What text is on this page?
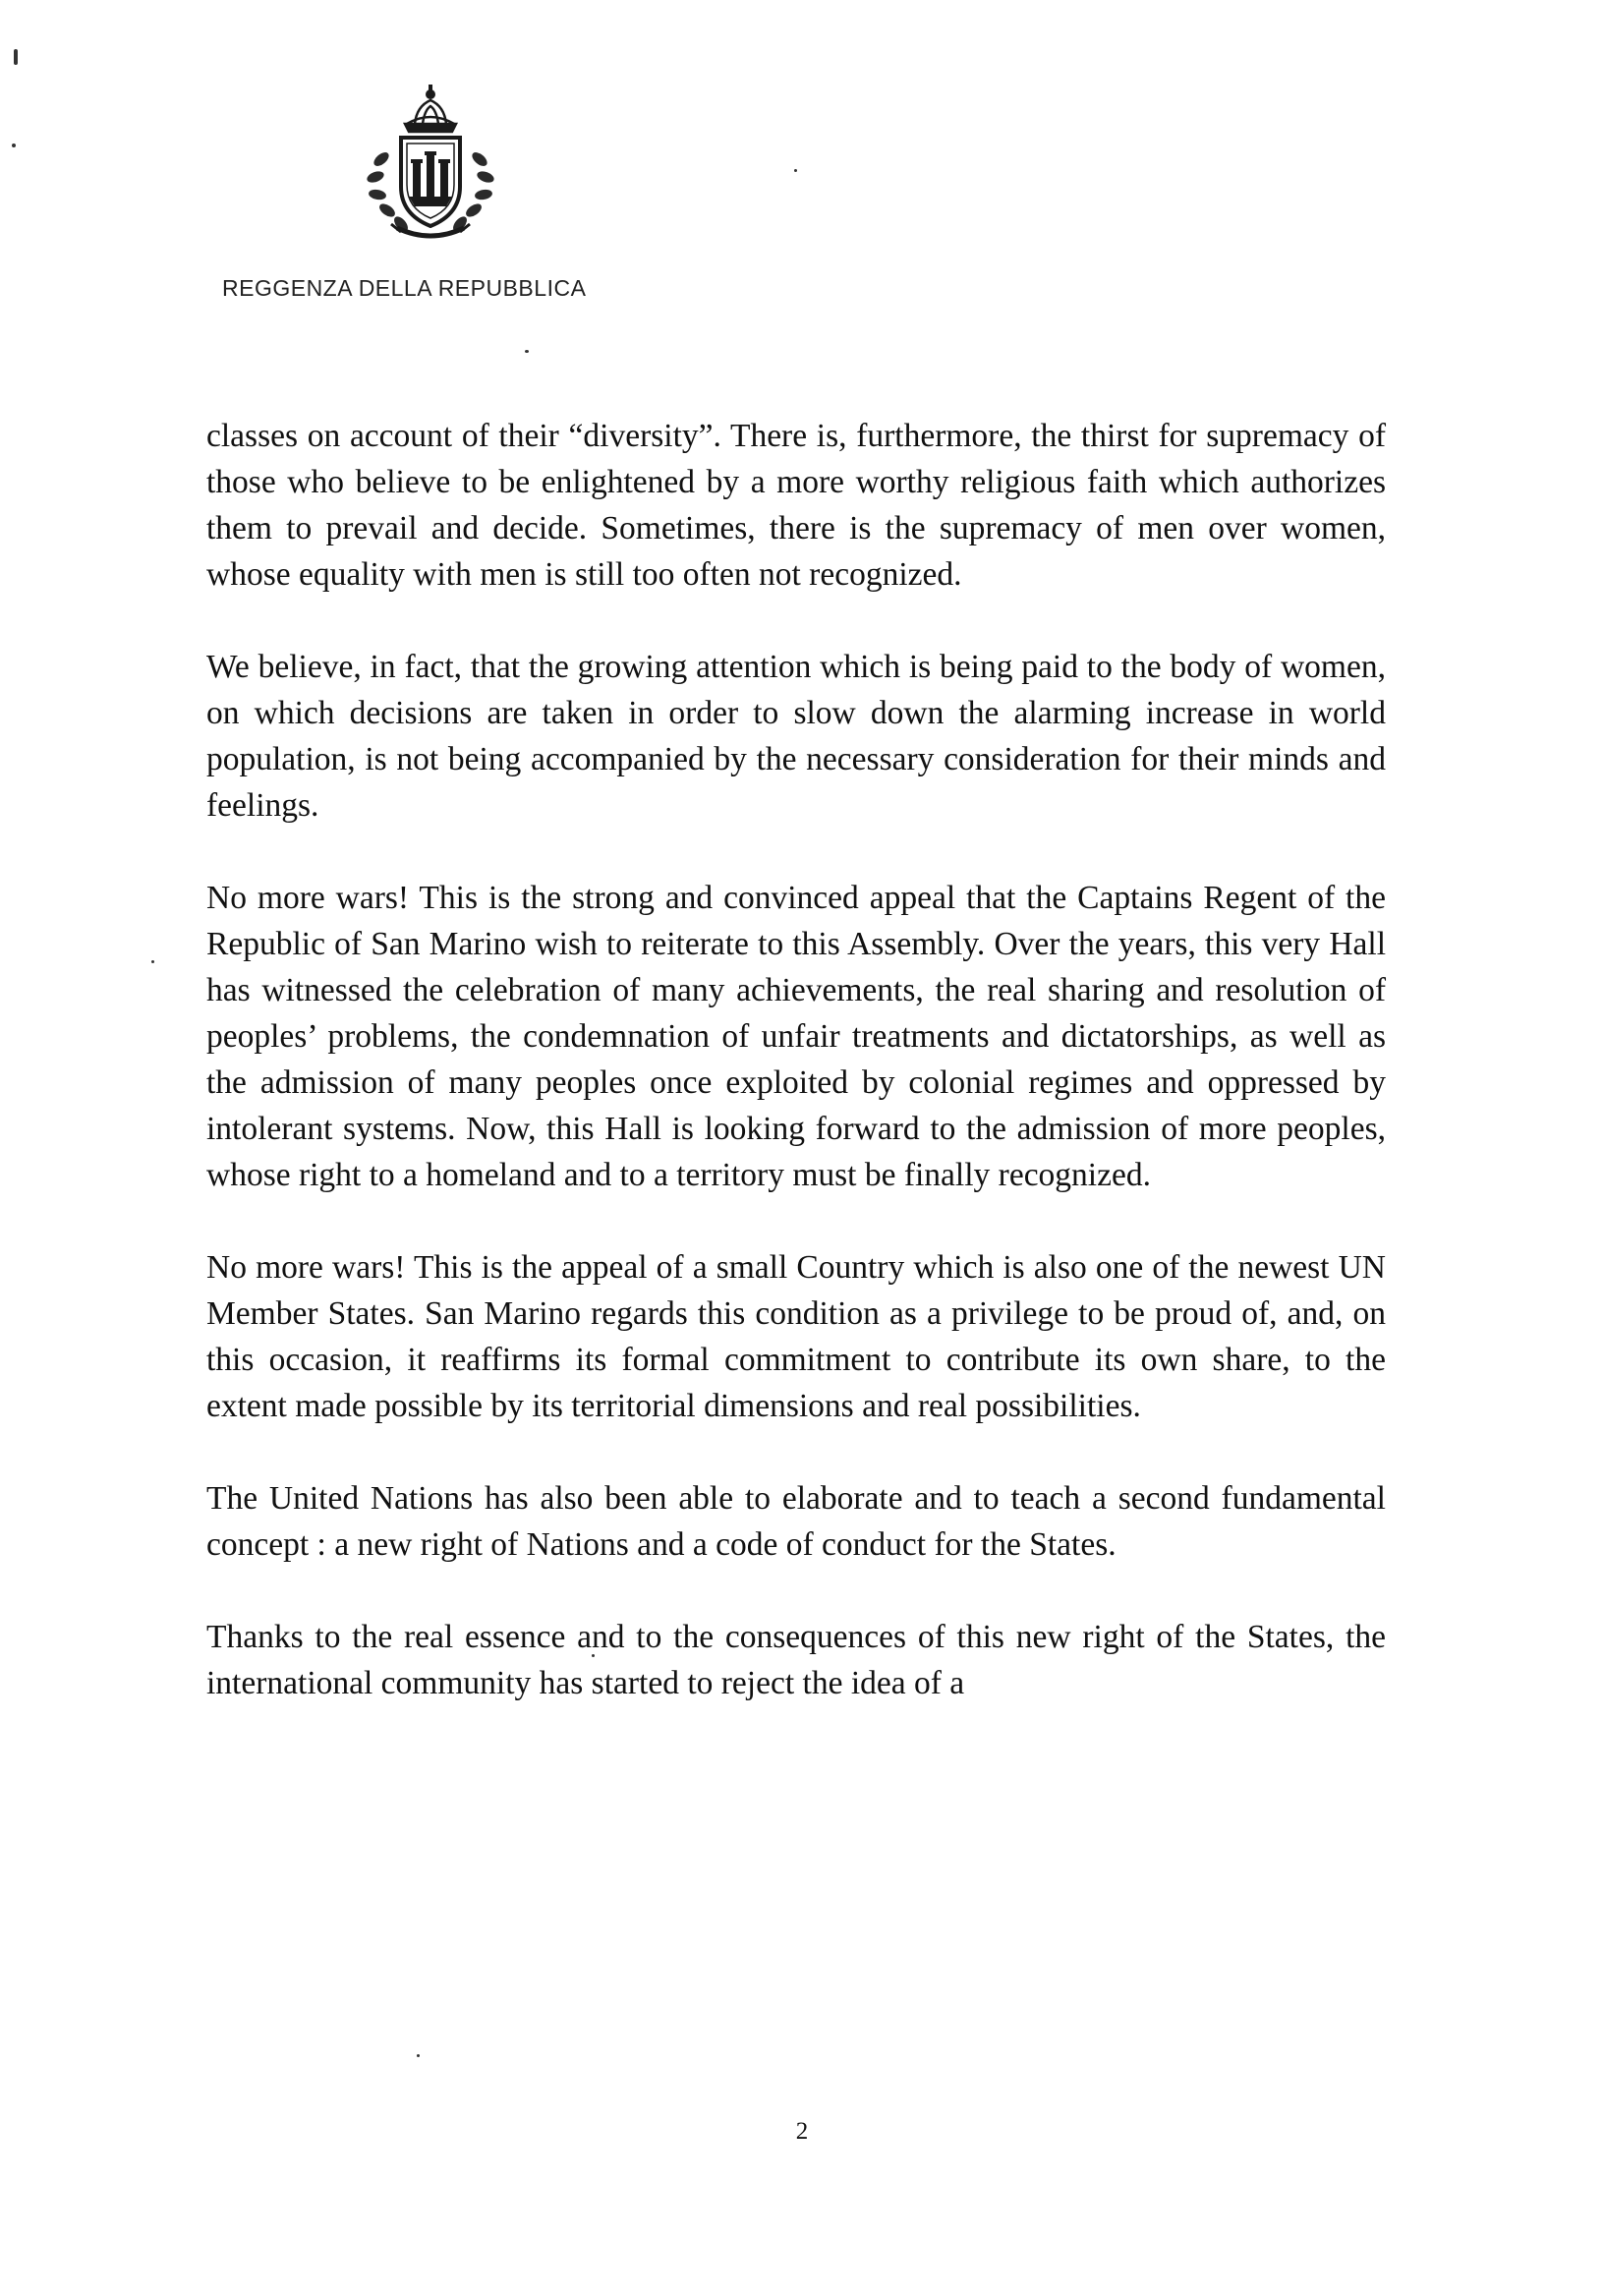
REGGENZA DELLA REPUBBLICA

classes on account of their “diversity”. There is, furthermore, the thirst for supremacy of those who believe to be enlightened by a more worthy religious faith which authorizes them to prevail and decide. Sometimes, there is the supremacy of men over women, whose equality with men is still too often not recognized.

We believe, in fact, that the growing attention which is being paid to the body of women, on which decisions are taken in order to slow down the alarming increase in world population, is not being accompanied by the necessary consideration for their minds and feelings.

No more wars! This is the strong and convinced appeal that the Captains Regent of the Republic of San Marino wish to reiterate to this Assembly. Over the years, this very Hall has witnessed the celebration of many achievements, the real sharing and resolution of peoples’ problems, the condemnation of unfair treatments and dictatorships, as well as the admission of many peoples once exploited by colonial regimes and oppressed by intolerant systems. Now, this Hall is looking forward to the admission of more peoples, whose right to a homeland and to a territory must be finally recognized.

No more wars! This is the appeal of a small Country which is also one of the newest UN Member States. San Marino regards this condition as a privilege to be proud of, and, on this occasion, it reaffirms its formal commitment to contribute its own share, to the extent made possible by its territorial dimensions and real possibilities.

The United Nations has also been able to elaborate and to teach a second fundamental concept : a new right of Nations and a code of conduct for the States.

Thanks to the real essence and to the consequences of this new right of the States, the international community has started to reject the idea of a

2
